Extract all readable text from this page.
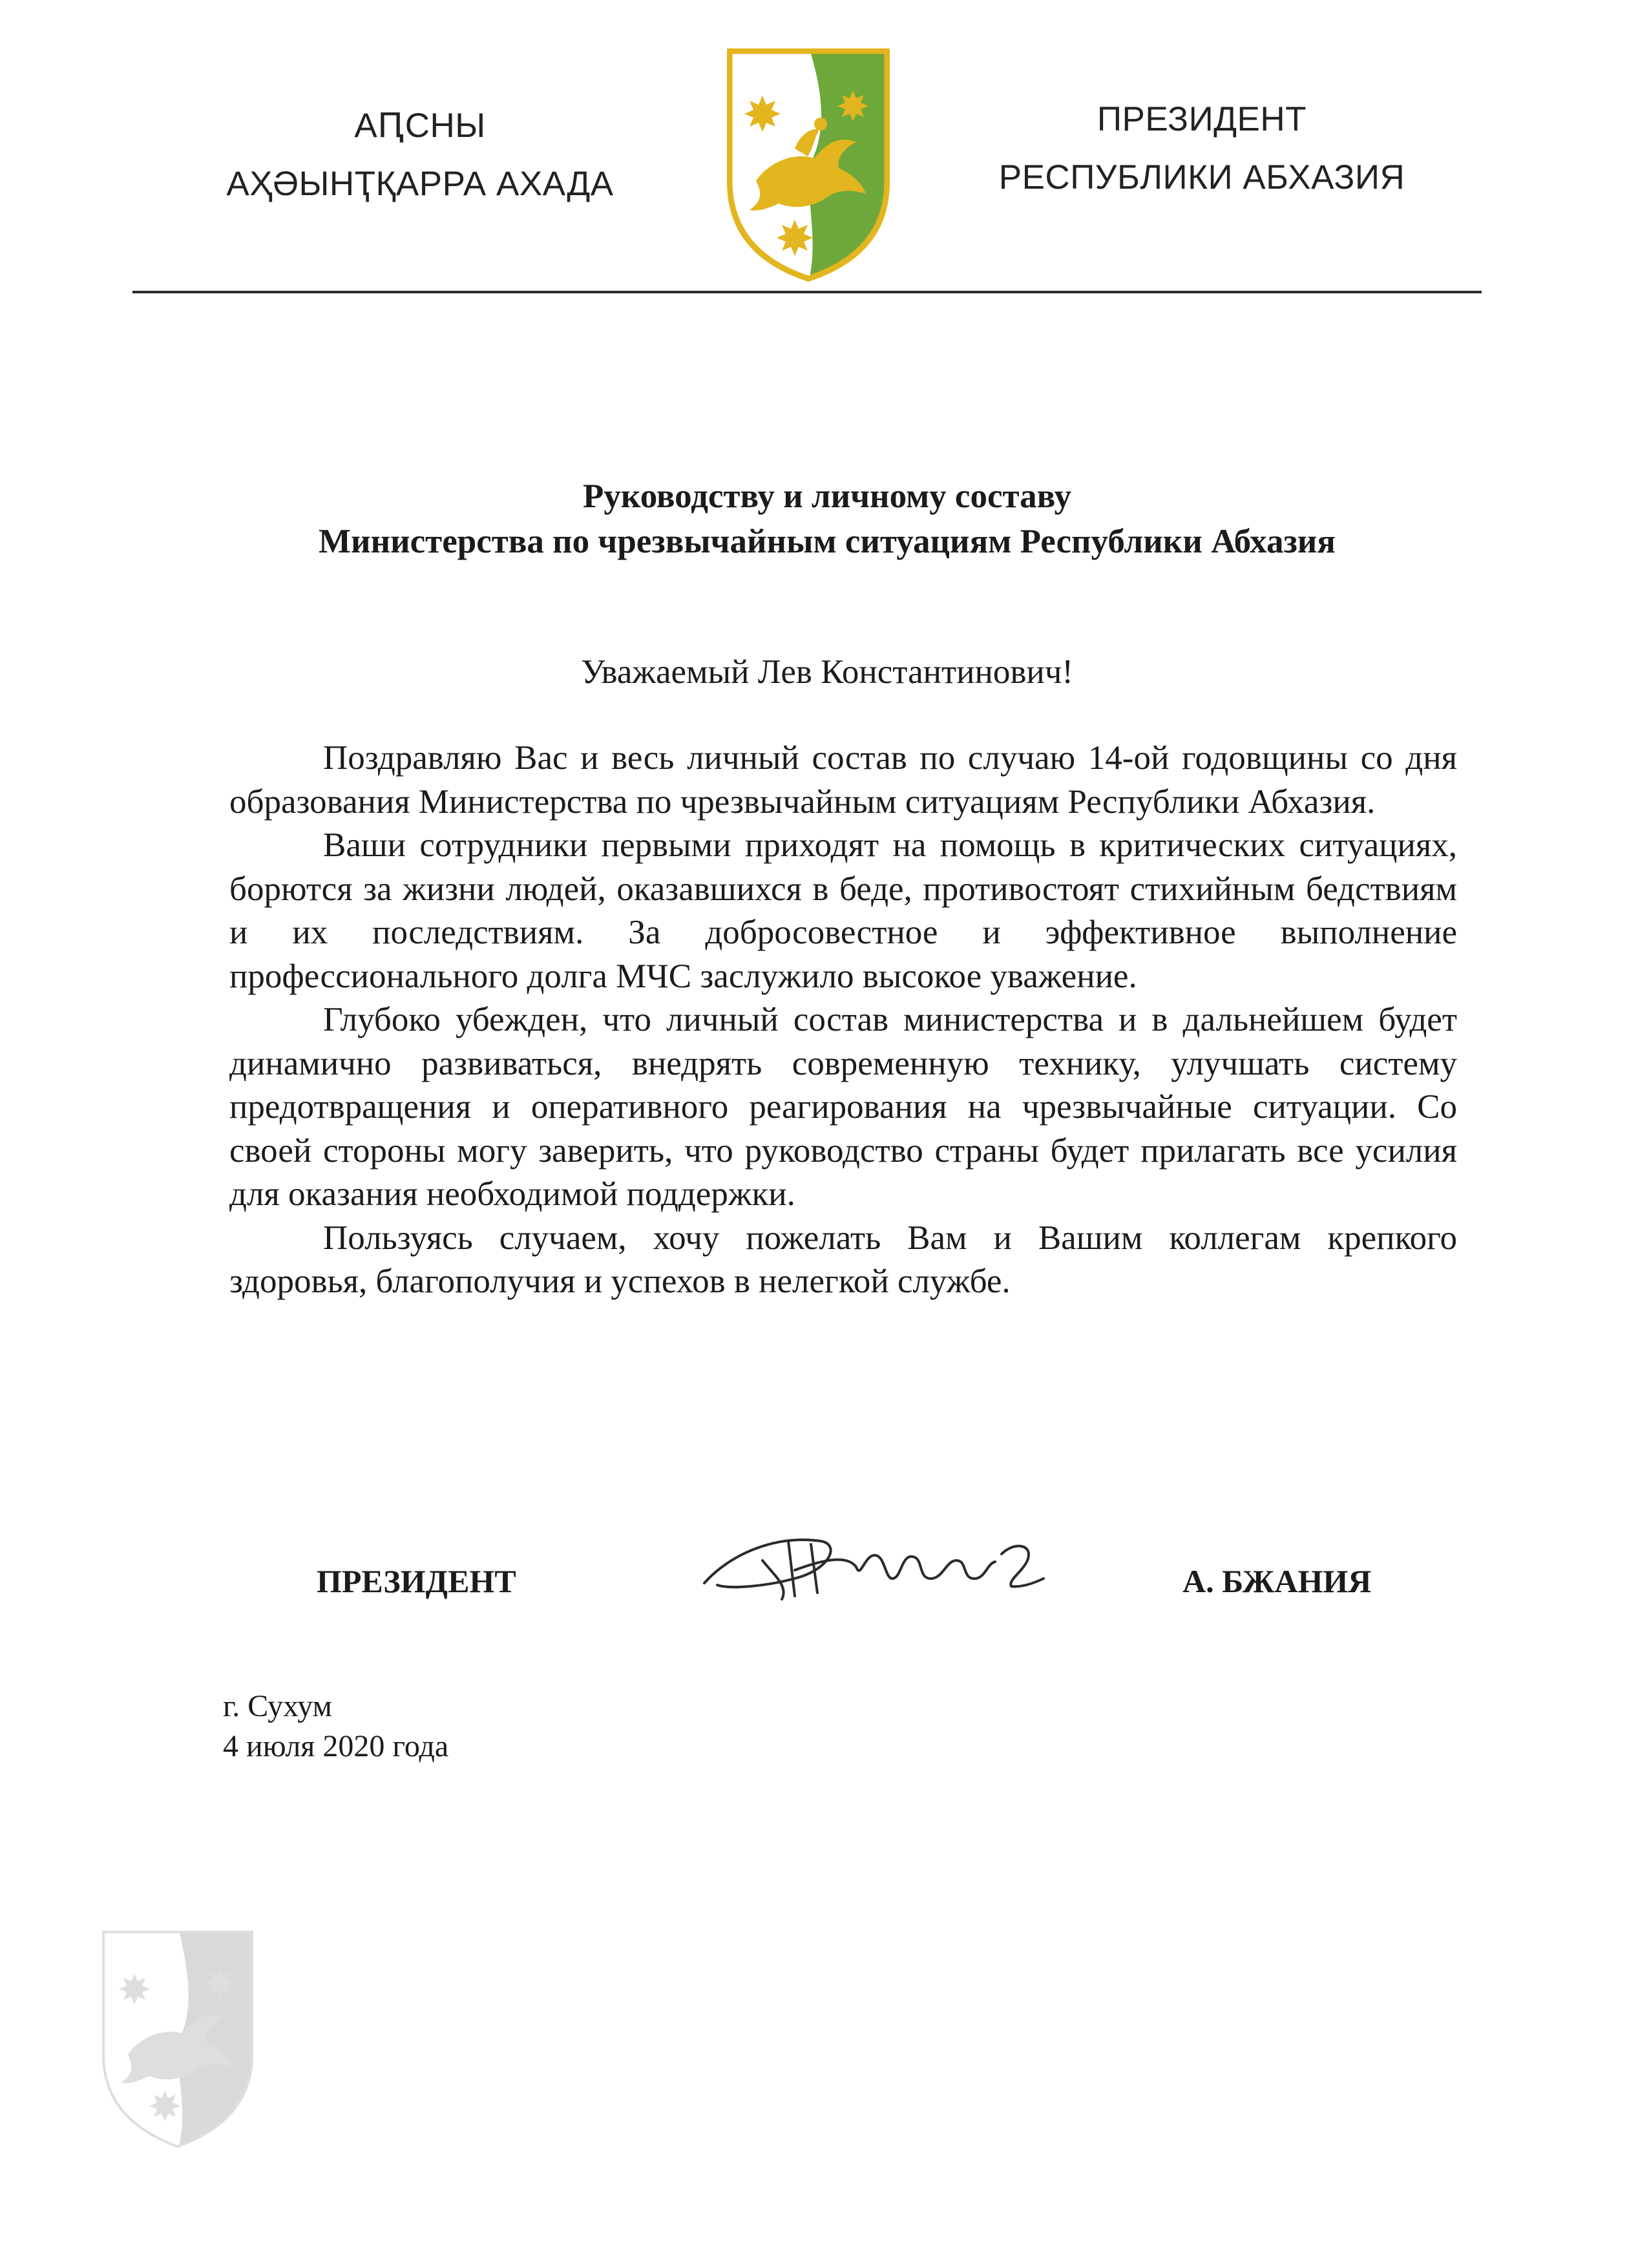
АԤСНЫ
АҲӘЫНҬҚАРРА АХАДА
ПРЕЗИДЕНТ
РЕСПУБЛИКИ АБХАЗИЯ
Руководству и личному составу
Министерства по чрезвычайным ситуациям Республики Абхазия
Уважаемый Лев Константинович!

Поздравляю Вас и весь личный состав по случаю 14-ой годовщины со дня образования Министерства по чрезвычайным ситуациям Республики Абхазия.

Ваши сотрудники первыми приходят на помощь в критических ситуациях, борются за жизни людей, оказавшихся в беде, противостоят стихийным бедствиям и их последствиям. За добросовестное и эффективное выполнение профессионального долга МЧС заслужило высокое уважение.

Глубоко убежден, что личный состав министерства и в дальнейшем будет динамично развиваться, внедрять современную технику, улучшать систему предотвращения и оперативного реагирования на чрезвычайные ситуации. Со своей стороны могу заверить, что руководство страны будет прилагать все усилия для оказания необходимой поддержки.

Пользуясь случаем, хочу пожелать Вам и Вашим коллегам крепкого здоровья, благополучия и успехов в нелегкой службе.

ПРЕЗИДЕНТ	А. БЖАНИЯ
г. Сухум
4 июля 2020 года
